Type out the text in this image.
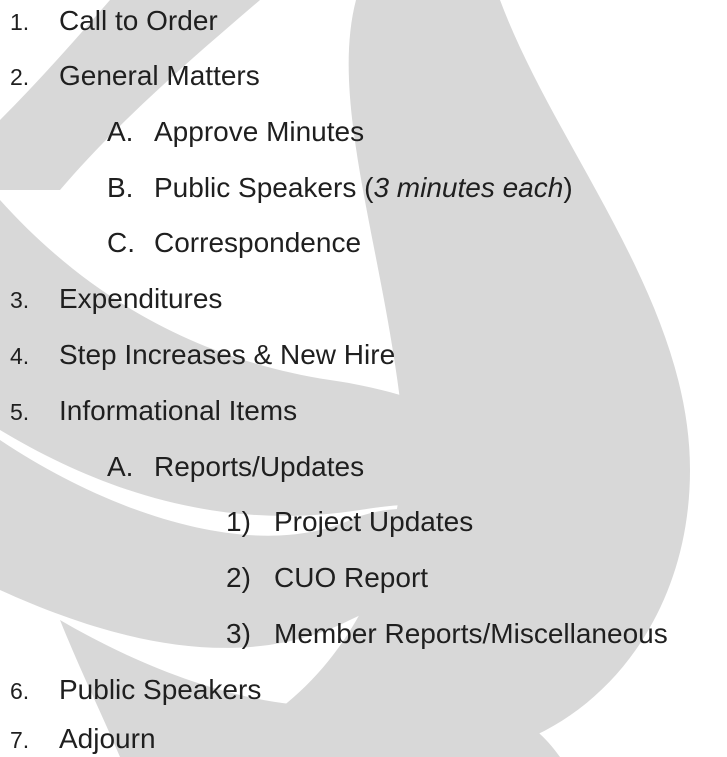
1.	Call to Order
2.	General Matters
A. Approve Minutes
B. Public Speakers (3 minutes each)
C. Correspondence
3.	Expenditures
4.	Step Increases & New Hire
5.	Informational Items
A. Reports/Updates
1) Project Updates
2) CUO Report
3) Member Reports/Miscellaneous
6.	Public Speakers
7.	Adjourn
